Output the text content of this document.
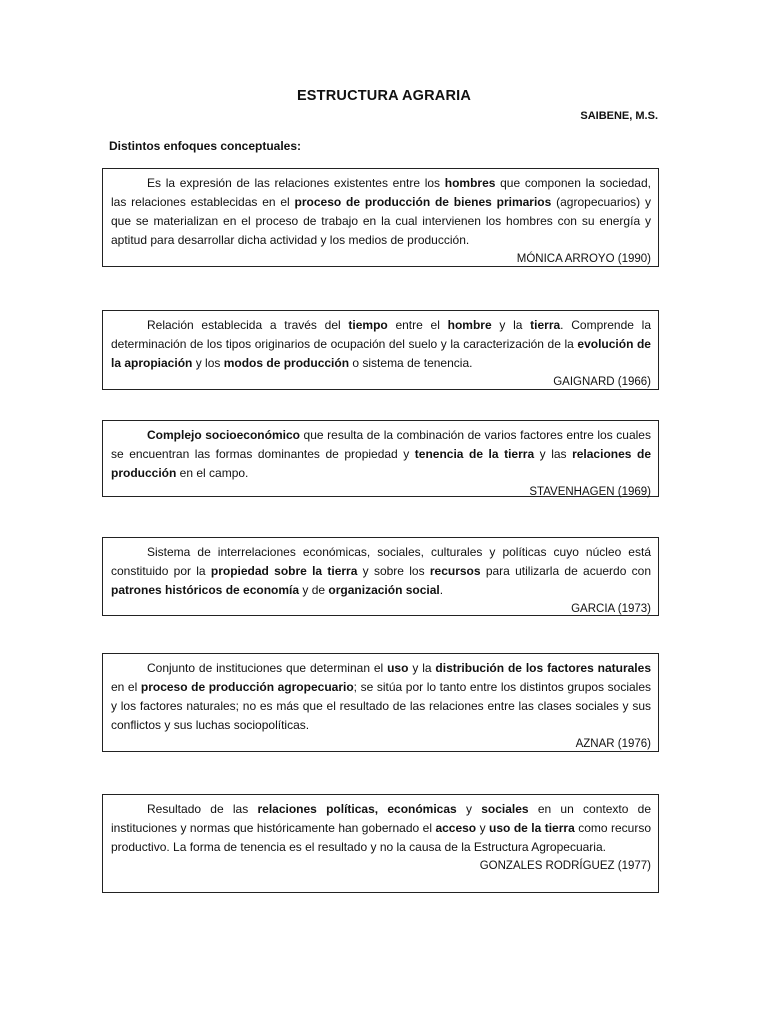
ESTRUCTURA AGRARIA
SAIBENE, M.S.
Distintos enfoques conceptuales:

Es la expresión de las relaciones existentes entre los hombres que componen la sociedad, las relaciones establecidas en el proceso de producción de bienes primarios (agropecuarios) y que se materializan en el proceso de trabajo en la cual intervienen los hombres con su energía y aptitud para desarrollar dicha actividad y los medios de producción.

MÓNICA ARROYO (1990)

Relación establecida a través del tiempo entre el hombre y la tierra. Comprende la determinación de los tipos originarios de ocupación del suelo y la caracterización de la evolución de la apropiación y los modos de producción o sistema de tenencia.

GAIGNARD (1966)

Complejo socioeconómico que resulta de la combinación de varios factores entre los cuales se encuentran las formas dominantes de propiedad y tenencia de la tierra y las relaciones de producción en el campo.

STAVENHAGEN (1969)

Sistema de interrelaciones económicas, sociales, culturales y políticas cuyo núcleo está constituido por la propiedad sobre la tierra y sobre los recursos para utilizarla de acuerdo con patrones históricos de economía y de organización social.

GARCIA (1973)

Conjunto de instituciones que determinan el uso y la distribución de los factores naturales en el proceso de producción agropecuario; se sitúa por lo tanto entre los distintos grupos sociales y los factores naturales; no es más que el resultado de las relaciones entre las clases sociales y sus conflictos y sus luchas sociopolíticas.

AZNAR (1976)

Resultado de las relaciones políticas, económicas y sociales en un contexto de instituciones y normas que históricamente han gobernado el acceso y uso de la tierra como recurso productivo. La forma de tenencia es el resultado y no la causa de la Estructura Agropecuaria.

GONZALES RODRÍGUEZ (1977)
